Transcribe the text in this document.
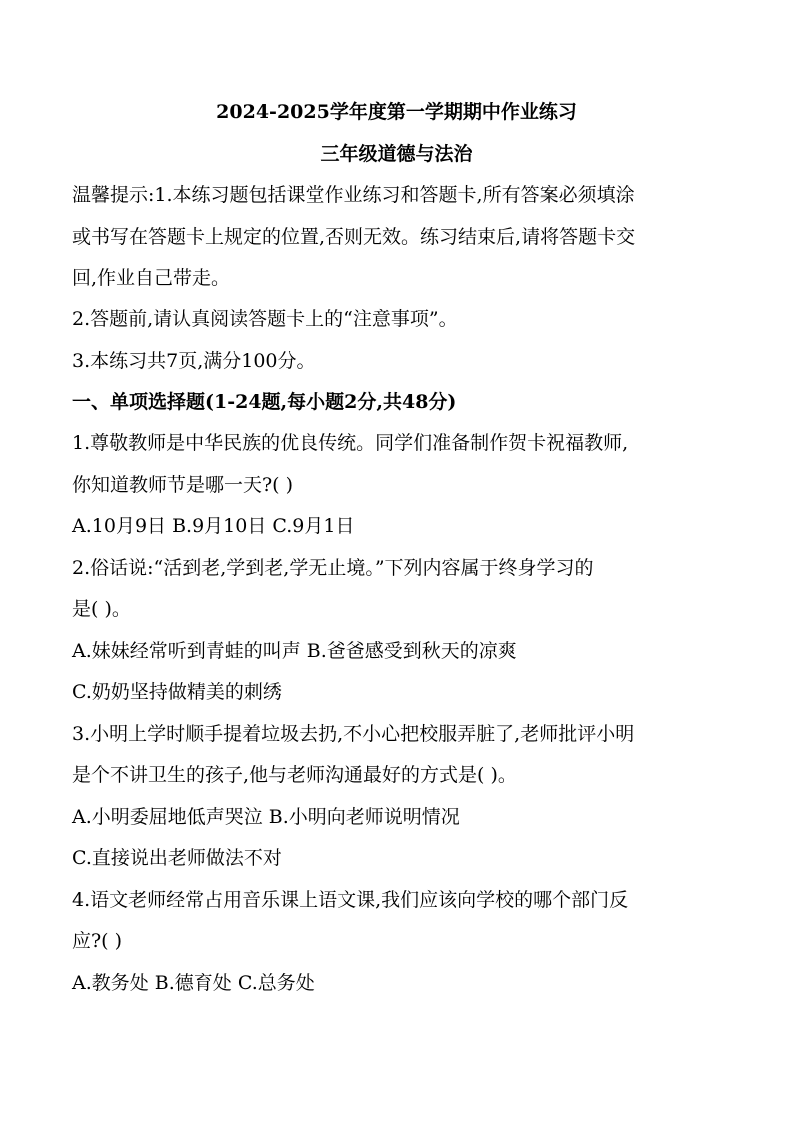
2024-2025学年度第一学期期中作业练习
三年级道德与法治
温馨提示:1.本练习题包括课堂作业练习和答题卡,所有答案必须填涂
或书写在答题卡上规定的位置,否则无效。练习结束后,请将答题卡交
回,作业自己带走。
2.答题前,请认真阅读答题卡上的“注意事项”。
3.本练习共7页,满分100分。
一、单项选择题(1-24题,每小题2分,共48分)
1.尊敬教师是中华民族的优良传统。同学们准备制作贺卡祝福教师,
你知道教师节是哪一天?( )
A.10月9日 B.9月10日 C.9月1日
2.俗话说:“活到老,学到老,学无止境。”下列内容属于终身学习的
是( )。
A.妹妹经常听到青蛙的叫声 B.爸爸感受到秋天的凉爽
C.奶奶坚持做精美的刺绣
3.小明上学时顺手提着垃圾去扔,不小心把校服弄脏了,老师批评小明
是个不讲卫生的孩子,他与老师沟通最好的方式是( )。
A.小明委屈地低声哭泣 B.小明向老师说明情况
C.直接说出老师做法不对
4.语文老师经常占用音乐课上语文课,我们应该向学校的哪个部门反
应?( )
A.教务处 B.德育处 C.总务处
